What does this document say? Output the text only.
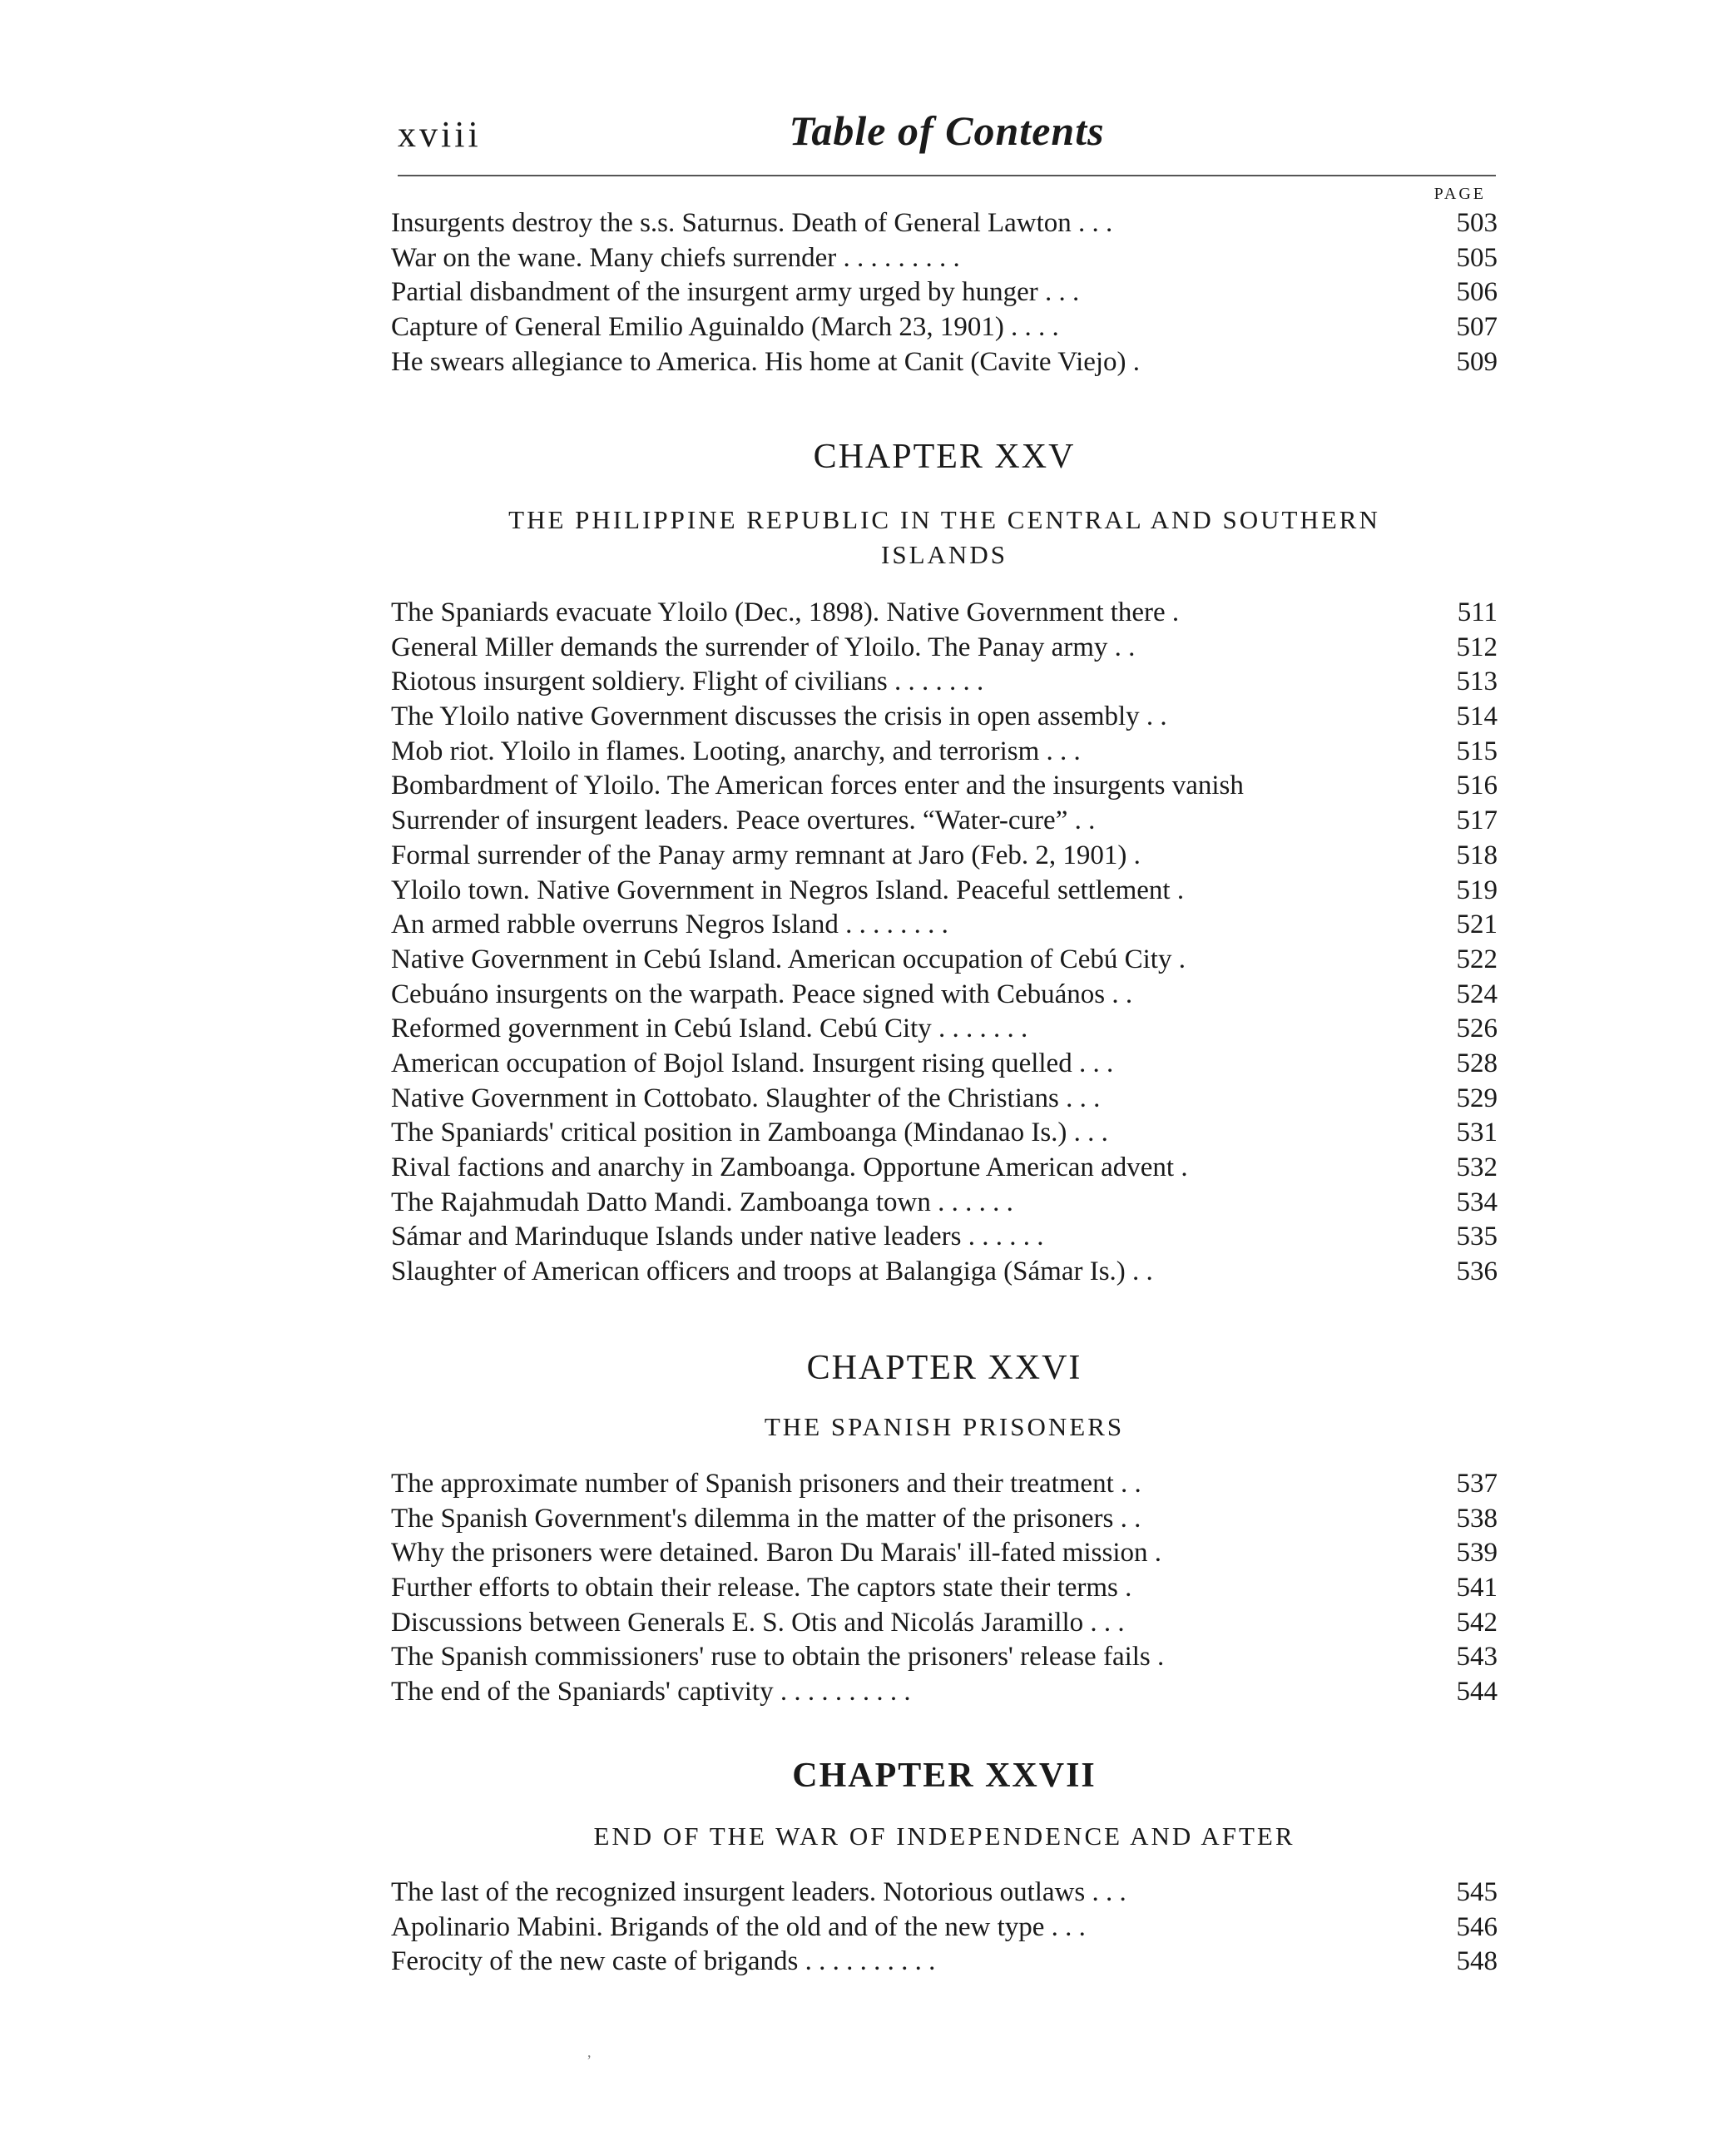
xviii	Table of Contents
PAGE
Insurgents destroy the s.s. Saturnus. Death of General Lawton . . .	503
War on the wane. Many chiefs surrender . . . . . . . . .	505
Partial disbandment of the insurgent army urged by hunger . . .	506
Capture of General Emilio Aguinaldo (March 23, 1901) . . . .	507
He swears allegiance to America. His home at Canit (Cavite Viejo) .	509
CHAPTER XXV
THE PHILIPPINE REPUBLIC IN THE CENTRAL AND SOUTHERN
ISLANDS
The Spaniards evacuate Yloilo (Dec., 1898). Native Government there .	511
General Miller demands the surrender of Yloilo. The Panay army . .	512
Riotous insurgent soldiery. Flight of civilians . . . . . . .	513
The Yloilo native Government discusses the crisis in open assembly . .	514
Mob riot. Yloilo in flames. Looting, anarchy, and terrorism . . .	515
Bombardment of Yloilo. The American forces enter and the insurgents vanish	516
Surrender of insurgent leaders. Peace overtures. “Water-cure” . .	517
Formal surrender of the Panay army remnant at Jaro (Feb. 2, 1901) .	518
Yloilo town. Native Government in Negros Island. Peaceful settlement .	519
An armed rabble overruns Negros Island . . . . . . . .	521
Native Government in Cebú Island. American occupation of Cebú City .	522
Cebuáno insurgents on the warpath. Peace signed with Cebuános . .	524
Reformed government in Cebú Island. Cebú City . . . . . . .	526
American occupation of Bojol Island. Insurgent rising quelled . . .	528
Native Government in Cottobato. Slaughter of the Christians . . .	529
The Spaniards' critical position in Zamboanga (Mindanao Is.) . . .	531
Rival factions and anarchy in Zamboanga. Opportune American advent .	532
The Rajahmudah Datto Mandi. Zamboanga town . . . . . .	534
Sámar and Marinduque Islands under native leaders . . . . . .	535
Slaughter of American officers and troops at Balangiga (Sámar Is.) . .	536
CHAPTER XXVI
THE SPANISH PRISONERS
The approximate number of Spanish prisoners and their treatment . .	537
The Spanish Government's dilemma in the matter of the prisoners . .	538
Why the prisoners were detained. Baron Du Marais' ill-fated mission .	539
Further efforts to obtain their release. The captors state their terms .	541
Discussions between Generals E. S. Otis and Nicolás Jaramillo . . .	542
The Spanish commissioners' ruse to obtain the prisoners' release fails .	543
The end of the Spaniards' captivity . . . . . . . . . .	544
CHAPTER XXVII
END OF THE WAR OF INDEPENDENCE AND AFTER
The last of the recognized insurgent leaders. Notorious outlaws . . .	545
Apolinario Mabini. Brigands of the old and of the new type . . .	546
Ferocity of the new caste of brigands . . . . . . . . . .	548
,
